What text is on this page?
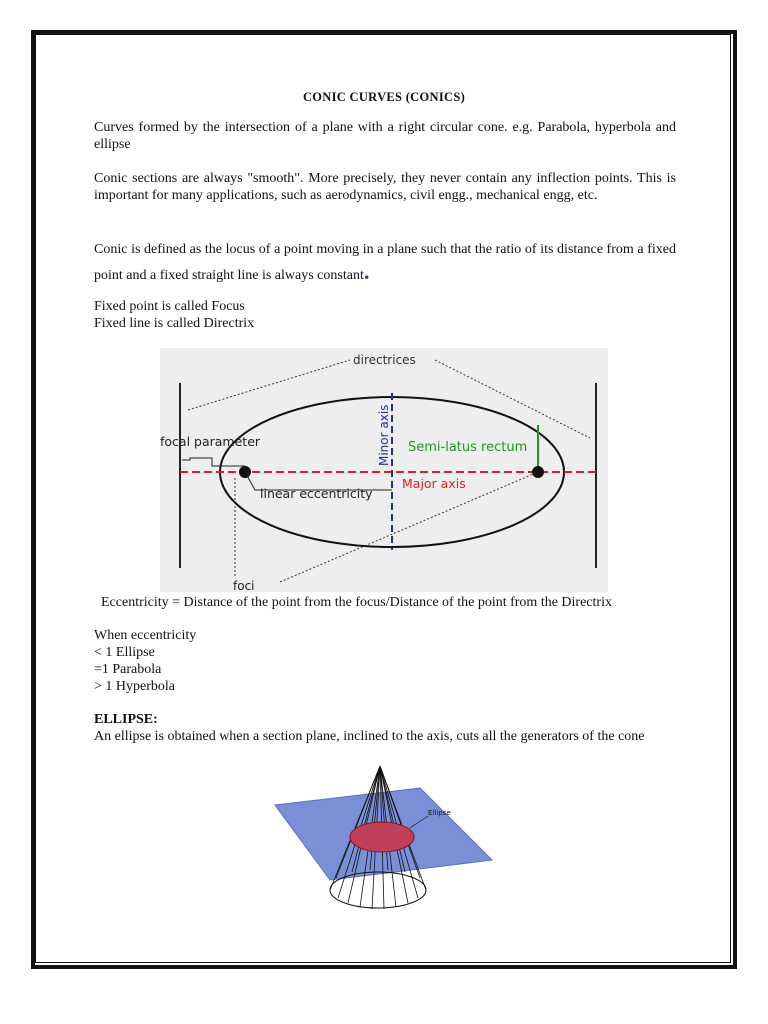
CONIC CURVES (CONICS)
Curves formed by the intersection of a plane with a right circular cone. e.g. Parabola, hyperbola and ellipse
Conic sections are always "smooth". More precisely, they never contain any inflection points. This is important for many applications, such as aerodynamics, civil engg., mechanical engg, etc.
Conic is defined as the locus of a point moving in a plane such that the ratio of its distance from a fixed point and a fixed straight line is always constant.
Fixed point is called Focus
Fixed line is called Directrix
directrices
focal parameter	Minor axis Semi-latus rectum
Major axis
linear eccentricity
foci
Eccentricity = Distance of the point from the focus/Distance of the point from the Directrix
When eccentricity
< 1 Ellipse
=1 Parabola
> 1 Hyperbola
ELLIPSE:
An ellipse is obtained when a section plane, inclined to the axis, cuts all the generators of the cone
Ellipse
